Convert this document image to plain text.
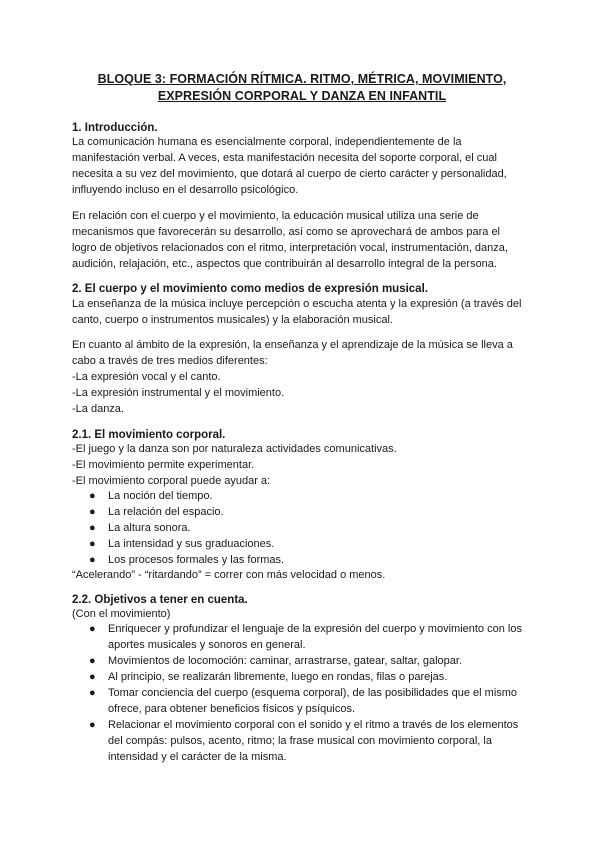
BLOQUE 3: FORMACIÓN RÍTMICA. RITMO, MÉTRICA, MOVIMIENTO,
EXPRESIÓN CORPORAL Y DANZA EN INFANTIL
1. Introducción.
La comunicación humana es esencialmente corporal, independientemente de la
manifestación verbal. A veces, esta manifestación necesita del soporte corporal, el cual
necesita a su vez del movimiento, que dotará al cuerpo de cierto carácter y personalidad,
influyendo incluso en el desarrollo psicológico.
En relación con el cuerpo y el movimiento, la educación musical utiliza una serie de
mecanismos que favorecerán su desarrollo, así como se aprovechará de ambos para el
logro de objetivos relacionados con el ritmo, interpretación vocal, instrumentación, danza,
audición, relajación, etc., aspectos que contribuirán al desarrollo integral de la persona.
2. El cuerpo y el movimiento como medios de expresión musical.
La enseñanza de la música incluye percepción o escucha atenta y la expresión (a través del
canto, cuerpo o instrumentos musicales) y la elaboración musical.
En cuanto al ámbito de la expresión, la enseñanza y el aprendizaje de la música se lleva a
cabo a través de tres medios diferentes:
-La expresión vocal y el canto.
-La expresión instrumental y el movimiento.
-La danza.
2.1. El movimiento corporal.
-El juego y la danza son por naturaleza actividades comunicativas.
-El movimiento permite experimentar.
-El movimiento corporal puede ayudar a:
● La noción del tiempo.
● La relación del espacio.
● La altura sonora.
● La intensidad y sus graduaciones.
● Los procesos formales y las formas.
“Acelerando” - “ritardando” = correr con más velocidad o menos.
2.2. Objetivos a tener en cuenta.
(Con el movimiento)
● Enriquecer y profundizar el lenguaje de la expresión del cuerpo y movimiento con los
aportes musicales y sonoros en general.
● Movimientos de locomoción: caminar, arrastrarse, gatear, saltar, galopar.
● Al principio, se realizarán libremente, luego en rondas, filas o parejas.
● Tomar conciencia del cuerpo (esquema corporal), de las posibilidades que el mismo
ofrece, para obtener beneficios físicos y psíquicos.
● Relacionar el movimiento corporal con el sonido y el ritmo a través de los elementos
del compás: pulsos, acento, ritmo; la frase musical con movimiento corporal, la
intensidad y el carácter de la misma.
